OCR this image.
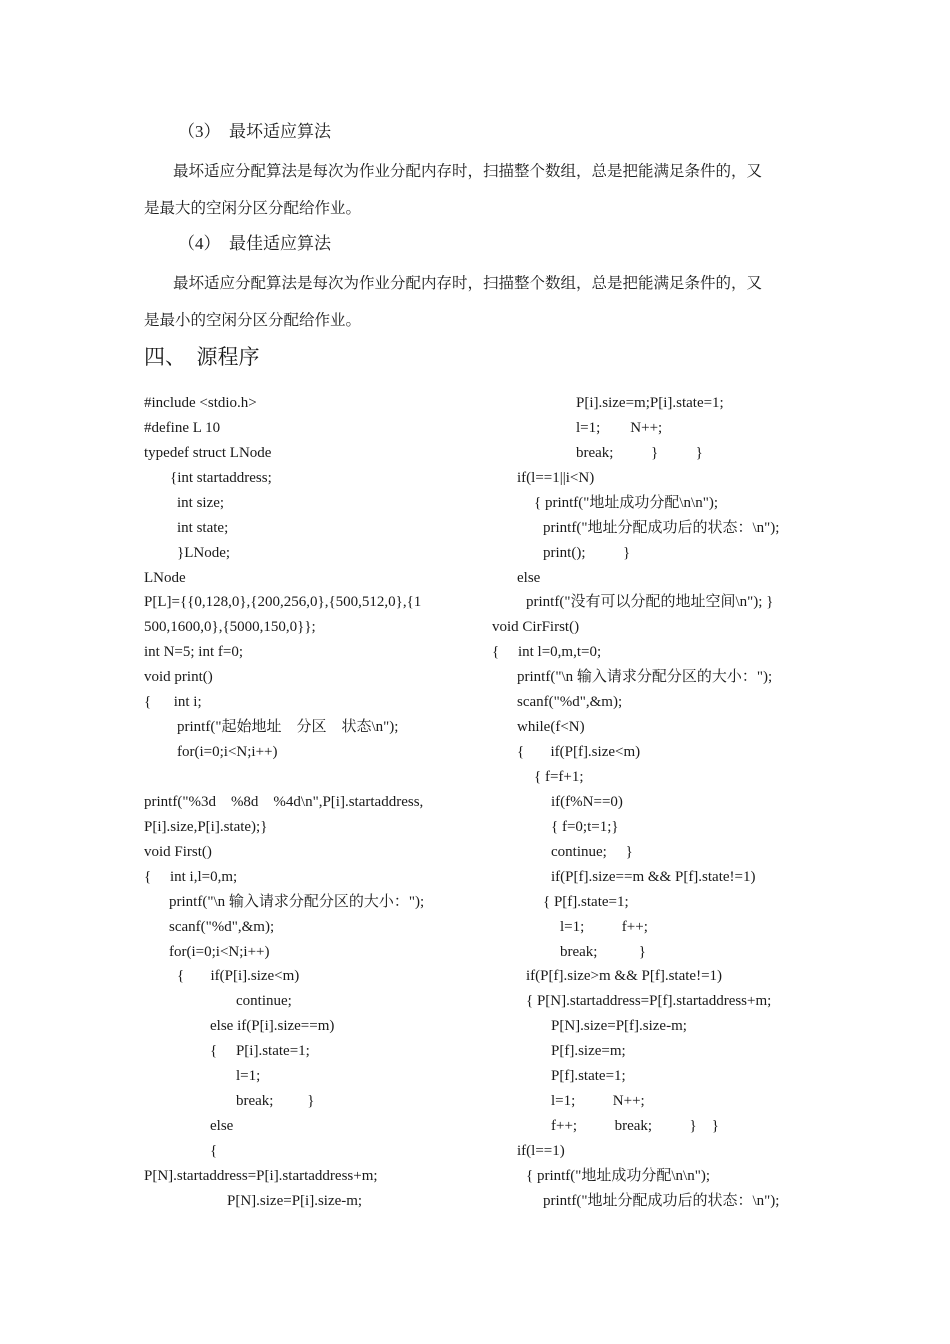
（3）  最坏适应算法
最坏适应分配算法是每次为作业分配内存时，扫描整个数组，总是把能满足条件的，又
是最大的空闲分区分配给作业。
（4）  最佳适应算法
最坏适应分配算法是每次为作业分配内存时，扫描整个数组，总是把能满足条件的，又
是最小的空闲分区分配给作业。
四、  源程序
#include <stdio.h>
#define L 10
typedef struct LNode
{int startaddress;
int size;
int state;
}LNode;
LNode
P[L]={{0,128,0},{200,256,0},{500,512,0},{1
500,1600,0},{5000,150,0}};
int N=5; int f=0;
void print()
{      int i;
printf("起始地址    分区    状态\n");
for(i=0;i<N;i++)
printf("%3d    %8d    %4d\n",P[i].startaddress,
P[i].size,P[i].state);}
void First()
{     int i,l=0,m;
printf("\n 输入请求分配分区的大小：");
scanf("%d",&m);
for(i=0;i<N;i++)
{       if(P[i].size<m)
continue;
else if(P[i].size==m)
{     P[i].state=1;
l=1;
break;         }
else
{
P[N].startaddress=P[i].startaddress+m;
P[N].size=P[i].size-m;
P[i].size=m;P[i].state=1;
l=1;        N++;
break;          }          }
if(l==1||i<N)
{ printf("地址成功分配\n\n");
printf("地址分配成功后的状态：\n");
print();          }
else
printf("没有可以分配的地址空间\n"); }
void CirFirst()
{     int l=0,m,t=0;
printf("\n 输入请求分配分区的大小：");
scanf("%d",&m);
while(f<N)
{       if(P[f].size<m)
{ f=f+1;
if(f%N==0)
{ f=0;t=1;}
continue;     }
if(P[f].size==m && P[f].state!=1)
{ P[f].state=1;
l=1;          f++;
break;           }
if(P[f].size>m && P[f].state!=1)
{ P[N].startaddress=P[f].startaddress+m;
P[N].size=P[f].size-m;
P[f].size=m;
P[f].state=1;
l=1;          N++;
f++;          break;          }    }
if(l==1)
{ printf("地址成功分配\n\n");
printf("地址分配成功后的状态：\n");
